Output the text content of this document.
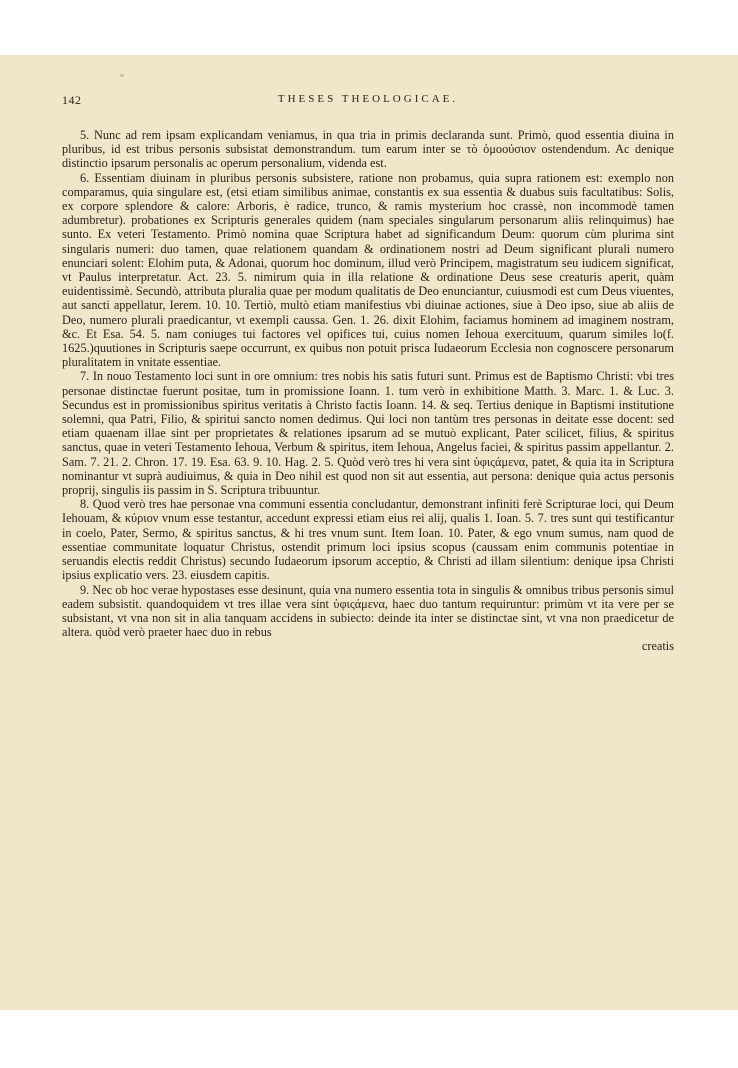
142	THESES THEOLOGICAE.

5. Nunc ad rem ipsam explicandam veniamus, in qua tria in primis declaranda sunt. Primò, quod essentia diuina in pluribus, id est tribus personis subsistat demonstrandum. tum earum inter se τὸ ὁμοούσιον ostendendum. Ac denique distinctio ipsarum personalis ac operum personalium, videnda est.

6. Essentiam diuinam in pluribus personis subsistere, ratione non probamus, quia supra rationem est: exemplo non comparamus, quia singulare est, (etsi etiam similibus animae, constantis ex sua essentia & duabus suis facultatibus: Solis, ex corpore splendore & calore: Arboris, è radice, trunco, & ramis mysterium hoc crassè, non incommodè tamen adumbretur). probationes ex Scripturis generales quidem (nam speciales singularum personarum aliis relinquimus) hae sunto. Ex veteri Testamento. Primò nomina quae Scriptura habet ad significandum Deum: quorum cùm plurima sint singularis numeri: duo tamen, quae relationem quandam & ordinationem nostri ad Deum significant plurali numero enunciari solent: Elohim puta, & Adonai, quorum hoc dominum, illud verò Principem, magistratum seu iudicem significat, vt Paulus interpretatur. Act. 23. 5. nimirum quia in illa relatione & ordinatione Deus sese creaturis aperit, quàm euidentissimè. Secundò, attributa pluralia quae per modum qualitatis de Deo enunciantur, cuiusmodi est cum Deus viuentes, aut sancti appellatur, Ierem. 10. 10. Tertiò, multò etiam manifestius vbi diuinae actiones, siue à Deo ipso, siue ab aliis de Deo, numero plurali praedicantur, vt exempli caussa. Gen. 1. 26. dixit Elohim, faciamus hominem ad imaginem nostram, &c. Et Esa. 54. 5. nam coniuges tui factores vel opifices tui, cuius nomen Iehoua exercituum, quarum similes lo(f. 1625.)quutiones in Scripturis saepe occurrunt, ex quibus non potuit prisca Iudaeorum Ecclesia non cognoscere personarum pluralitatem in vnitate essentiae.

7. In nouo Testamento loci sunt in ore omnium: tres nobis his satis futuri sunt. Primus est de Baptismo Christi: vbi tres personae distinctae fuerunt positae, tum in promissione Ioann. 1. tum verò in exhibitione Matth. 3. Marc. 1. & Luc. 3. Secundus est in promissionibus spiritus veritatis à Christo factis Ioann. 14. & seq. Tertius denique in Baptismi institutione solemni, qua Patri, Filio, & spiritui sancto nomen dedimus. Qui loci non tantùm tres personas in deitate esse docent: sed etiam quaenam illae sint per proprietates & relationes ipsarum ad se mutuò explicant, Pater scilicet, filius, & spiritus sanctus, quae in veteri Testamento Iehoua, Verbum & spiritus, item Iehoua, Angelus faciei, & spiritus passim appellantur. 2. Sam. 7. 21. 2. Chron. 17. 19. Esa. 63. 9. 10. Hag. 2. 5. Quòd verò tres hi vera sint ὑφιςάμενα, patet, & quia ita in Scriptura nominantur vt suprà audiuimus, & quia in Deo nihil est quod non sit aut essentia, aut persona: denique quia actus personis proprij, singulis iis passim in S. Scriptura tribuuntur.

8. Quod verò tres hae personae vna communi essentia concludantur, demonstrant infiniti ferè Scripturae loci, qui Deum Iehouam, & κύριον vnum esse testantur, accedunt expressi etiam eius rei alij, qualis 1. Ioan. 5. 7. tres sunt qui testificantur in coelo, Pater, Sermo, & spiritus sanctus, & hi tres vnum sunt. Item Ioan. 10. Pater, & ego vnum sumus, nam quod de essentiae communitate loquatur Christus, ostendit primum loci ipsius scopus (caussam enim communis potentiae in seruandis electis reddit Christus) secundo Iudaeorum ipsorum acceptio, & Christi ad illam silentium: denique ipsa Christi ipsius explicatio vers. 23. eiusdem capitis.

9. Nec ob hoc verae hypostases esse desinunt, quia vna numero essentia tota in singulis & omnibus tribus personis simul eadem subsistit. quandoquidem vt tres illae vera sint ὑφιςάμενα, haec duo tantum requiruntur: primùm vt ita vere per se subsistant, vt vna non sit in alia tanquam accidens in subiecto: deinde ita inter se distinctae sint, vt vna non praedicetur de altera. quòd verò praeter haec duo in rebus

creatis
